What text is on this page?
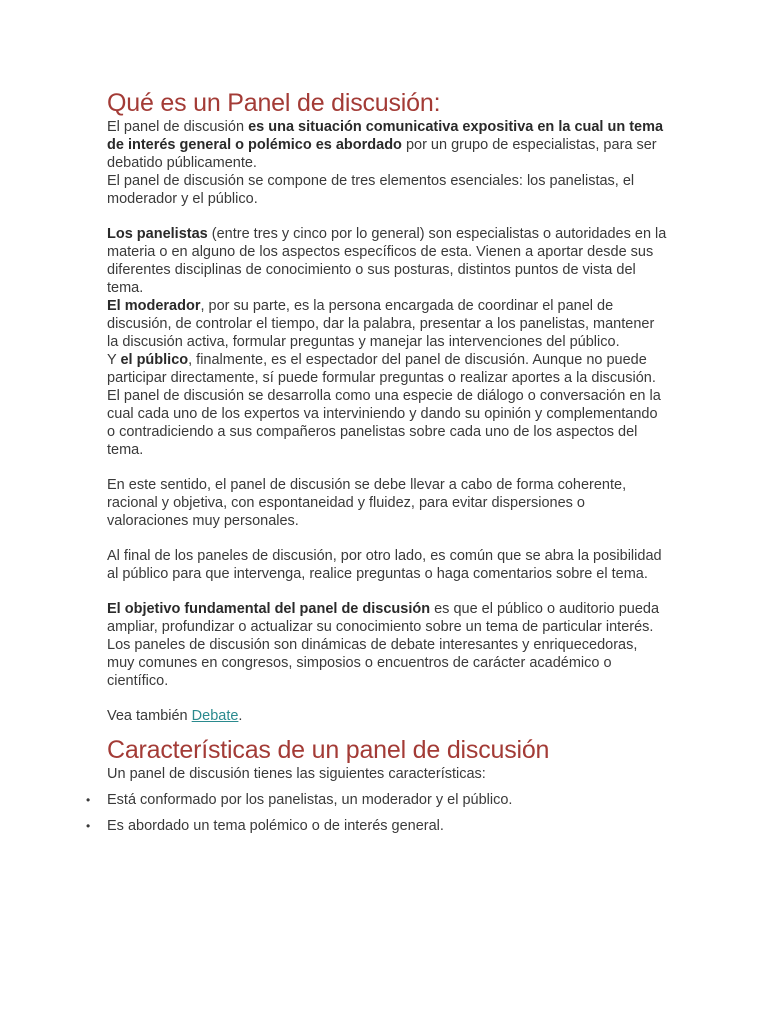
Qué es un Panel de discusión:

El panel de discusión es una situación comunicativa expositiva en la cual un tema de interés general o polémico es abordado por un grupo de especialistas, para ser debatido públicamente.

El panel de discusión se compone de tres elementos esenciales: los panelistas, el moderador y el público.

Los panelistas (entre tres y cinco por lo general) son especialistas o autoridades en la materia o en alguno de los aspectos específicos de esta. Vienen a aportar desde sus diferentes disciplinas de conocimiento o sus posturas, distintos puntos de vista del tema.

El moderador, por su parte, es la persona encargada de coordinar el panel de discusión, de controlar el tiempo, dar la palabra, presentar a los panelistas, mantener la discusión activa, formular preguntas y manejar las intervenciones del público.

Y el público, finalmente, es el espectador del panel de discusión. Aunque no puede participar directamente, sí puede formular preguntas o realizar aportes a la discusión.

El panel de discusión se desarrolla como una especie de diálogo o conversación en la cual cada uno de los expertos va interviniendo y dando su opinión y complementando o contradiciendo a sus compañeros panelistas sobre cada uno de los aspectos del tema.

En este sentido, el panel de discusión se debe llevar a cabo de forma coherente, racional y objetiva, con espontaneidad y fluidez, para evitar dispersiones o valoraciones muy personales.

Al final de los paneles de discusión, por otro lado, es común que se abra la posibilidad al público para que intervenga, realice preguntas o haga comentarios sobre el tema.

El objetivo fundamental del panel de discusión es que el público o auditorio pueda ampliar, profundizar o actualizar su conocimiento sobre un tema de particular interés.

Los paneles de discusión son dinámicas de debate interesantes y enriquecedoras, muy comunes en congresos, simposios o encuentros de carácter académico o científico.

Vea también Debate.

Características de un panel de discusión

Un panel de discusión tienes las siguientes características:

• Está conformado por los panelistas, un moderador y el público.
• Es abordado un tema polémico o de interés general.
